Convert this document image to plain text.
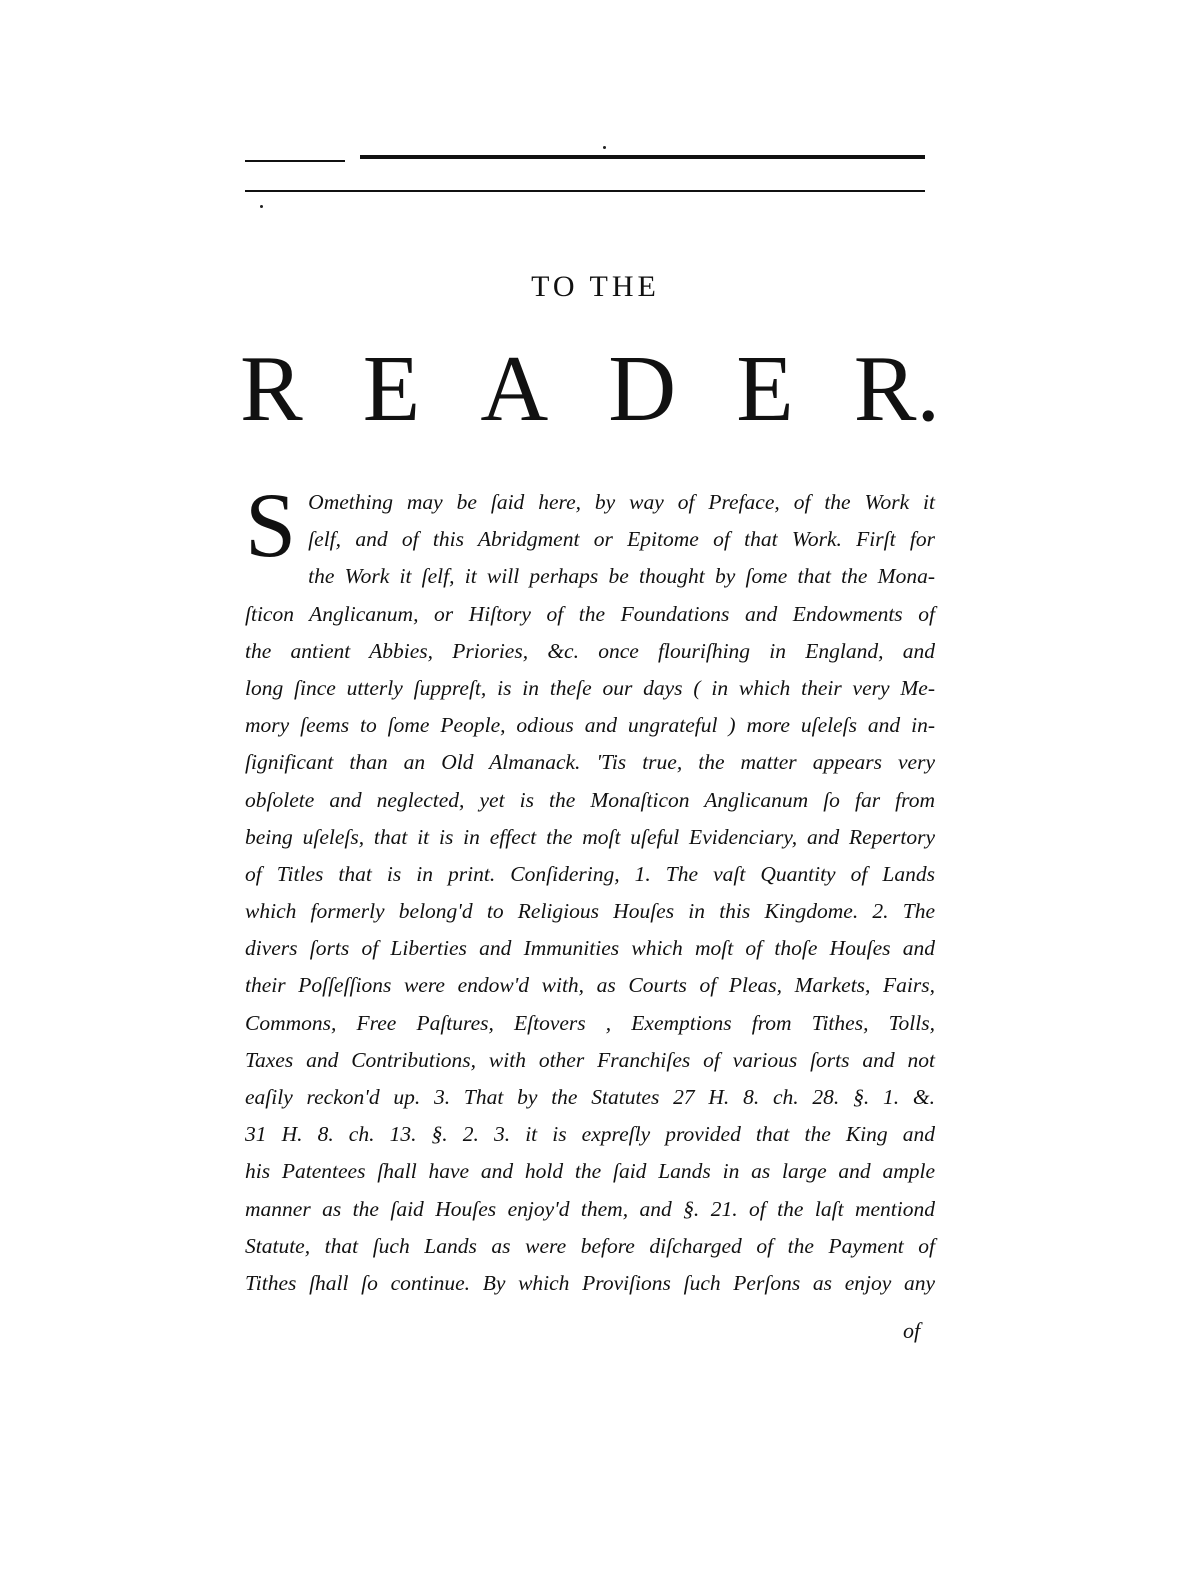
TO THE
R E A D E R.
S Omething may be ſaid here, by way of Preface, of the Work it
ſelf, and of this Abridgment or Epitome of that Work. Firſt for
the Work it ſelf, it will perhaps be thought by ſome that the Mona-
ſticon Anglicanum, or Hiſtory of the Foundations and Endowments of
the antient Abbies, Priories, &c. once flouriſhing in England, and
long ſince utterly ſuppreſt, is in theſe our days ( in which their very Me-
mory ſeems to ſome People, odious and ungrateful ) more uſeleſs and in-
ſignificant than an Old Almanack. 'Tis true, the matter appears very
obſolete and neglected, yet is the Monaſticon Anglicanum ſo far from
being uſeleſs, that it is in effect the moſt uſeful Evidenciary, and Repertory
of Titles that is in print. Conſidering, 1. The vaſt Quantity of Lands
which formerly belong'd to Religious Houſes in this Kingdome. 2. The
divers ſorts of Liberties and Immunities which moſt of thoſe Houſes and
their Poſſeſſions were endow'd with, as Courts of Pleas, Markets, Fairs,
Commons, Free Paſtures, Eſtovers , Exemptions from Tithes, Tolls,
Taxes and Contributions, with other Franchiſes of various ſorts and not
eaſily reckon'd up. 3. That by the Statutes 27 H. 8. ch. 28. §. 1. &.
31 H. 8. ch. 13. §. 2. 3. it is expreſly provided that the King and
his Patentees ſhall have and hold the ſaid Lands in as large and ample
manner as the ſaid Houſes enjoy'd them, and §. 21. of the laſt mentiond
Statute, that ſuch Lands as were before diſcharged of the Payment of
Tithes ſhall ſo continue. By which Proviſions ſuch Perſons as enjoy any
of
